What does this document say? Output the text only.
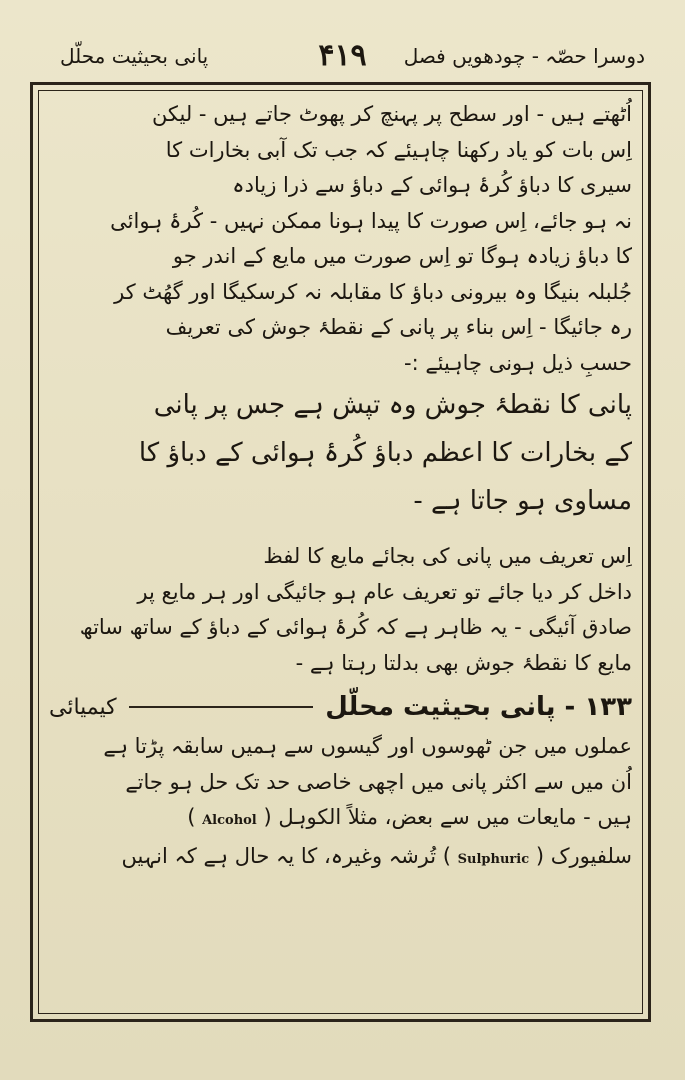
دوسرا حصّہ - چودھویں فصل
۴۱۹
پانی بحیثیت محلّل
اُٹھتے ہیں - اور سطح پر پہنچ کر پھوٹ جاتے ہیں - لیکن
اِس بات کو یاد رکھنا چاہیئے کہ جب تک آبی بخارات کا
سیری کا دباؤ کُرۂ ہوائی کے دباؤ سے ذرا زیادہ
نہ ہو جائے، اِس صورت کا پیدا ہونا ممکن نہیں - کُرۂ ہوائی
کا دباؤ زیادہ ہوگا تو اِس صورت میں مایع کے اندر جو
جُلبلہ بنیگا وہ بیرونی دباؤ کا مقابلہ نہ کرسکیگا اور گھُٹ کر
رہ جائیگا - اِس بناء پر پانی کے نقطۂ جوش کی تعریف
حسبِ ذیل ہونی چاہیئے :-
پانی کا نقطۂ جوش وہ تپش ہے جس پر پانی
کے بخارات کا اعظم دباؤ کُرۂ ہوائی کے دباؤ کا
مساوی ہو جاتا ہے -
اِس تعریف میں پانی کی بجائے مایع کا لفظ
داخل کر دیا جائے تو تعریف عام ہو جائیگی اور ہر مایع پر
صادق آئیگی - یہ ظاہر ہے کہ کُرۂ ہوائی کے دباؤ کے ساتھ ساتھ
مایع کا نقطۂ جوش بھی بدلتا رہتا ہے -
۱۳۳ - پانی بحیثیت محلّل
کیمیائی
عملوں میں جن ٹھوسوں اور گیسوں سے ہمیں سابقہ پڑتا ہے
اُن میں سے اکثر پانی میں اچھی خاصی حد تک حل ہو جاتے
ہیں - مایعات میں سے بعض، مثلاً الکوہل ( Alcohol )
سلفیورک ( Sulphuric ) تُرشہ وغیرہ، کا یہ حال ہے کہ انہیں
